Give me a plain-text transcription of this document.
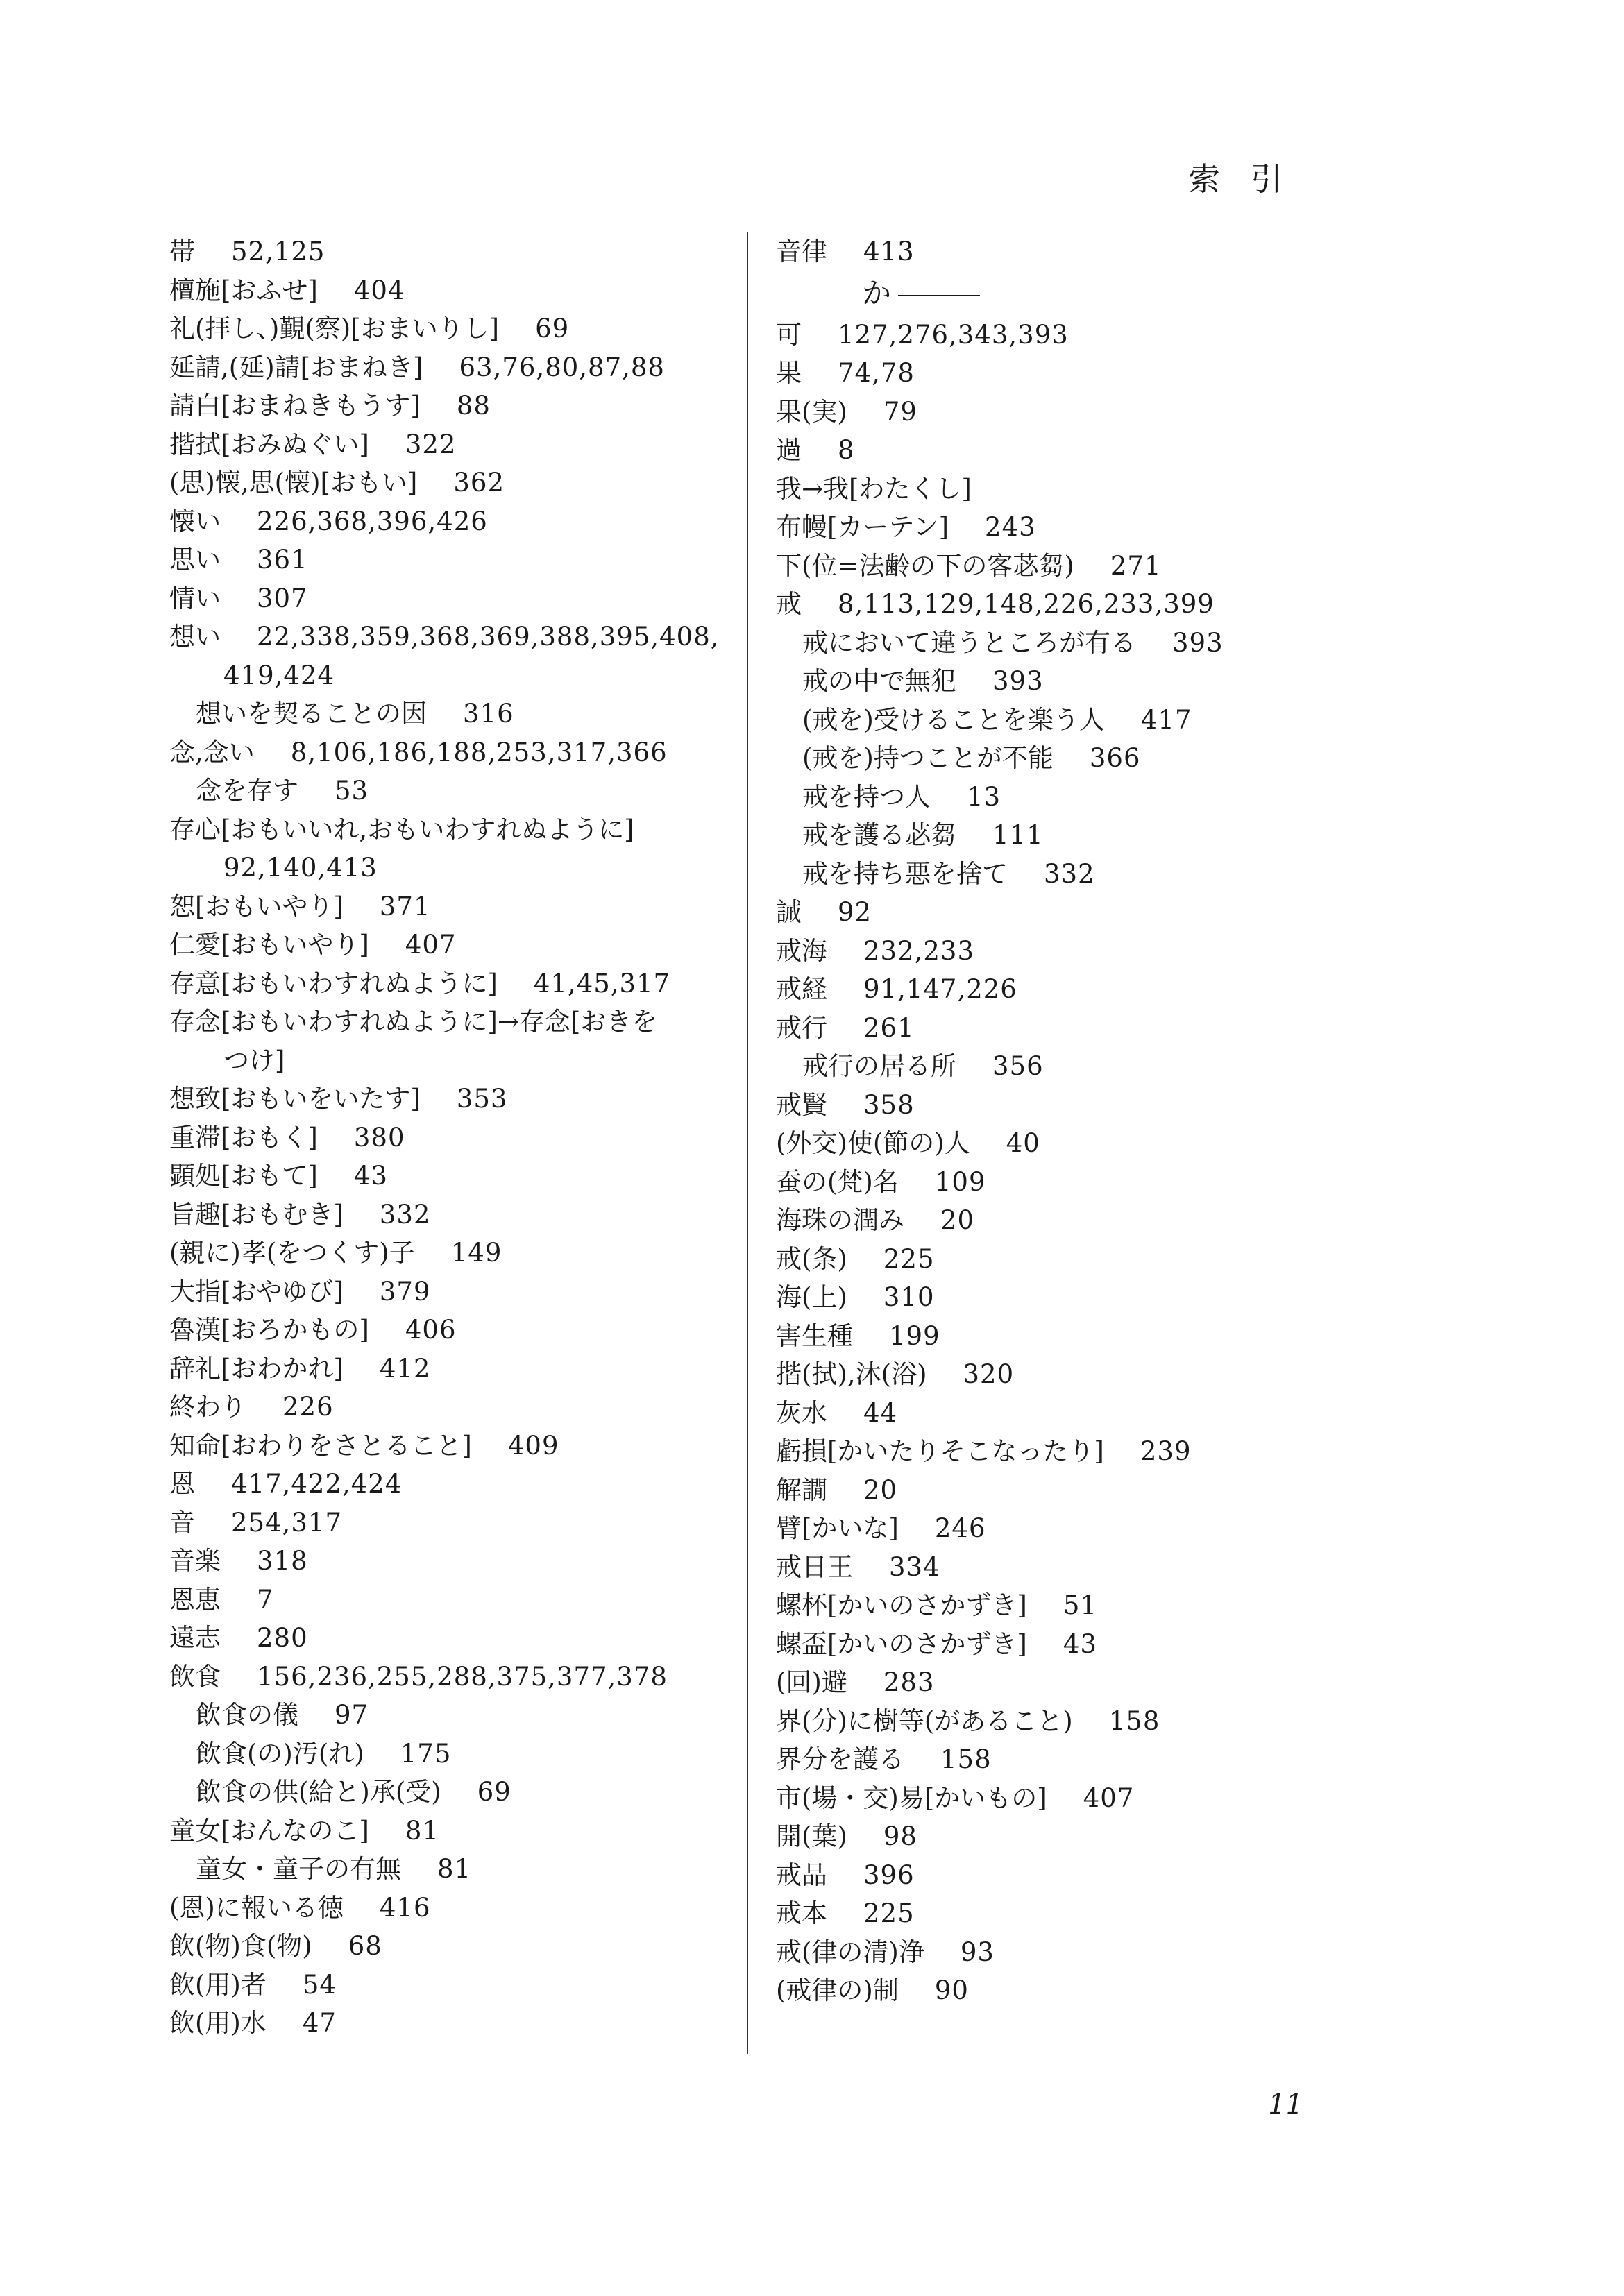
索引
帯 52,125
檀施[おふせ] 404
礼(拝し、)覲(察)[おまいりし] 69
延請,(延)請[おまねき] 63,76,80,87,88
請白[おまねきもうす] 88
揩拭[おみぬぐい] 322
(思)懐,思(懐)[おもい] 362
懐い 226,368,396,426
思い 361
情い 307
想い 22,338,359,368,369,388,395,408,
419,424
想いを契ることの因 316
念,念い 8,106,186,188,253,317,366
念を存す 53
存心[おもいいれ,おもいわすれぬように]
92,140,413
恕[おもいやり] 371
仁愛[おもいやり] 407
存意[おもいわすれぬように] 41,45,317
存念[おもいわすれぬように]→存念[おきを
つけ]
想致[おもいをいたす] 353
重滞[おもく] 380
顕処[おもて] 43
旨趣[おもむき] 332
(親に)孝(をつくす)子 149
大指[おやゆび] 379
魯漢[おろかもの] 406
辞礼[おわかれ] 412
終わり 226
知命[おわりをさとること] 409
恩 417,422,424
音 254,317
音楽 318
恩恵 7
遠志 280
飲食 156,236,255,288,375,377,378
飲食の儀 97
飲食(の)汚(れ) 175
飲食の供(給と)承(受) 69
童女[おんなのこ] 81
童女・童子の有無 81
(恩)に報いる徳 416
飲(物)食(物) 68
飲(用)者 54
飲(用)水 47
音律 413
か
可 127,276,343,393
果 74,78
果(実) 79
過 8
我→我[わたくし]
布幔[カーテン] 243
下(位=法齢の下の客苾芻) 271
戒 8,113,129,148,226,233,399
戒において違うところが有る 393
戒の中で無犯 393
(戒を)受けることを楽う人 417
(戒を)持つことが不能 366
戒を持つ人 13
戒を護る苾芻 111
戒を持ち悪を捨て 332
誡 92
戒海 232,233
戒経 91,147,226
戒行 261
戒行の居る所 356
戒賢 358
(外交)使(節の)人 40
蚕の(梵)名 109
海珠の潤み 20
戒(条) 225
海(上) 310
害生種 199
揩(拭),沐(浴) 320
灰水 44
虧損[かいたりそこなったり] 239
解譋 20
臂[かいな] 246
戒日王 334
螺杯[かいのさかずき] 51
螺盃[かいのさかずき] 43
(回)避 283
界(分)に樹等(があること) 158
界分を護る 158
市(場・交)易[かいもの] 407
開(葉) 98
戒品 396
戒本 225
戒(律の清)浄 93
(戒律の)制 90
11
